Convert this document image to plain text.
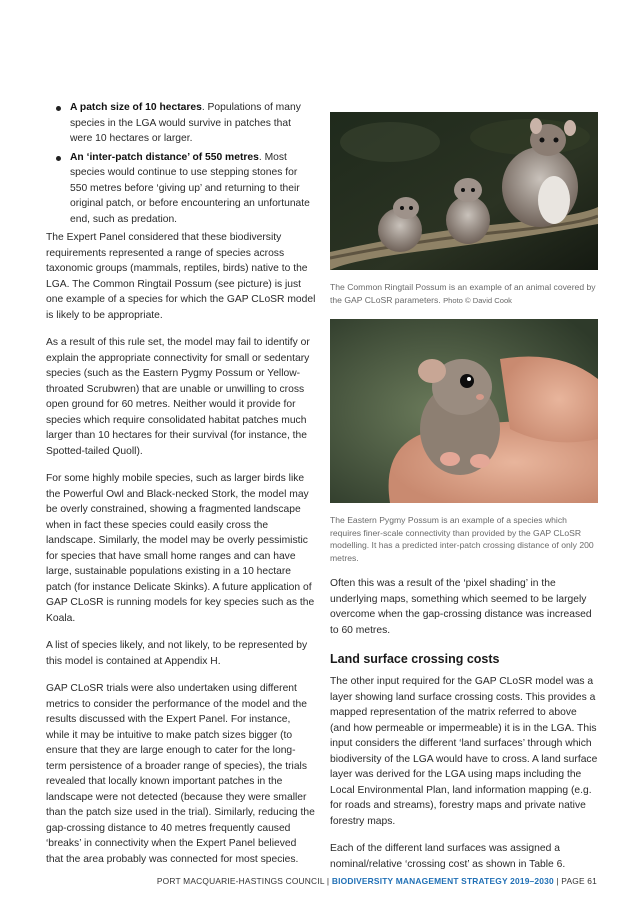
A patch size of 10 hectares. Populations of many species in the LGA would survive in patches that were 10 hectares or larger.
An ‘inter-patch distance’ of 550 metres. Most species would continue to use stepping stones for 550 metres before ‘giving up’ and returning to their original patch, or before encountering an unfortunate end, such as predation.

The Expert Panel considered that these biodiversity requirements represented a range of species across taxonomic groups (mammals, reptiles, birds) native to the LGA. The Common Ringtail Possum (see picture) is just one example of a species for which the GAP CLoSR model is likely to be appropriate.

As a result of this rule set, the model may fail to identify or explain the appropriate connectivity for small or sedentary species (such as the Eastern Pygmy Possum or Yellow-throated Scrubwren) that are unable or unwilling to cross open ground for 60 metres. Neither would it provide for species which require consolidated habitat patches much larger than 10 hectares for their survival (for instance, the Spotted-tailed Quoll).

For some highly mobile species, such as larger birds like the Powerful Owl and Black-necked Stork, the model may be overly constrained, showing a fragmented landscape when in fact these species could easily cross the landscape. Similarly, the model may be overly pessimistic for species that have small home ranges and can have large, sustainable populations existing in a 10 hectare patch (for instance Delicate Skinks). A future application of GAP CLoSR is running models for key species such as the Koala.

A list of species likely, and not likely, to be represented by this model is contained at Appendix H.

GAP CLoSR trials were also undertaken using different metrics to consider the performance of the model and the results discussed with the Expert Panel. For instance, while it may be intuitive to make patch sizes bigger (to ensure that they are large enough to cater for the long-term persistence of a broader range of species), the trials revealed that locally known important patches in the landscape were not detected (because they were smaller than the patch size used in the trial). Similarly, reducing the gap-crossing distance to 40 metres frequently caused ‘breaks’ in connectivity when the Expert Panel believed that the area probably was connected for most species.

The Common Ringtail Possum is an example of an animal covered by the GAP CLoSR parameters. Photo © David Cook
The Eastern Pygmy Possum is an example of a species which requires finer-scale connectivity than provided by the GAP CLoSR modelling. It has a predicted inter-patch crossing distance of only 200 metres.

Often this was a result of the ‘pixel shading’ in the underlying maps, something which seemed to be largely overcome when the gap-crossing distance was increased to 60 metres.

Land surface crossing costs

The other input required for the GAP CLoSR model was a layer showing land surface crossing costs. This provides a mapped representation of the matrix referred to above (and how permeable or impermeable) it is in the LGA. This input considers the different ‘land surfaces’ through which biodiversity of the LGA would have to cross. A land surface layer was derived for the LGA using maps including the Local Environmental Plan, land information mapping (e.g. for roads and streams), forestry maps and private native forestry maps.

Each of the different land surfaces was assigned a nominal/relative ‘crossing cost’ as shown in Table 6.

PORT MACQUARIE-HASTINGS COUNCIL | BIODIVERSITY MANAGEMENT STRATEGY 2019–2030 | PAGE 61
